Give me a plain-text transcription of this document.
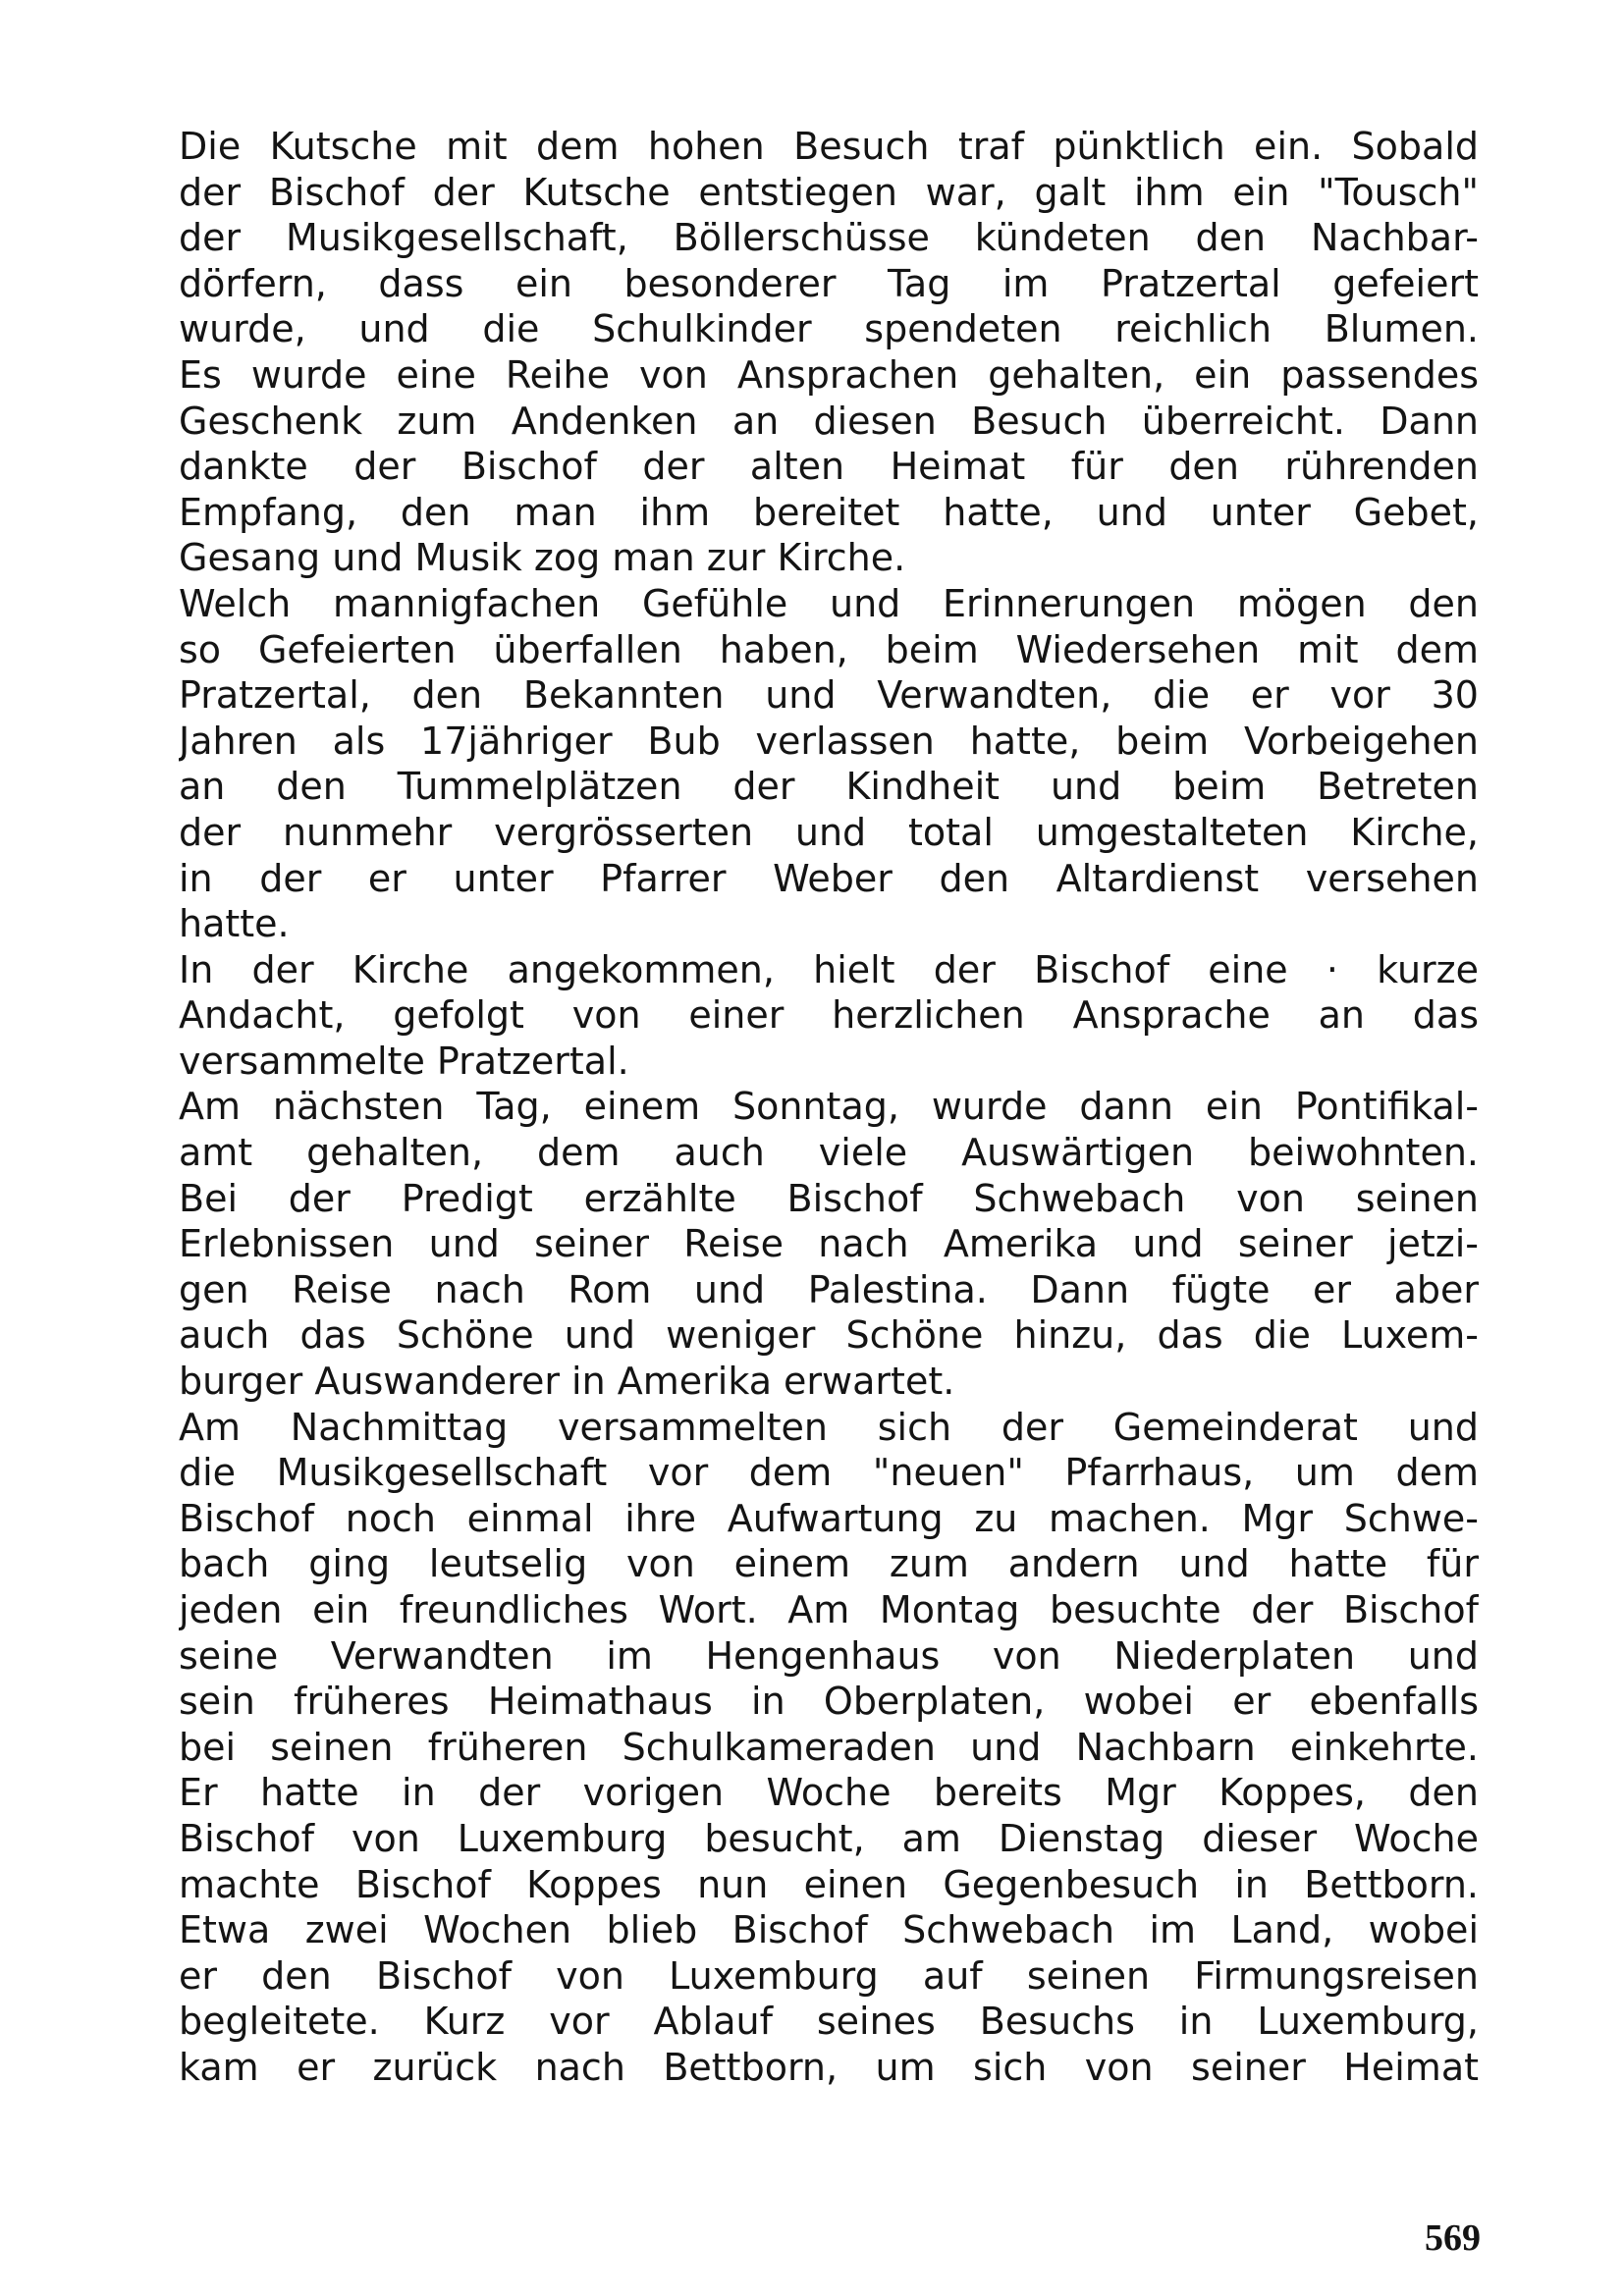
Die Kutsche mit dem hohen Besuch traf pünktlich ein. Sobald
der Bischof der Kutsche entstiegen war, galt ihm ein "Tousch"
der Musikgesellschaft, Böllerschüsse kündeten den Nachbar-
dörfern, dass ein besonderer Tag im Pratzertal gefeiert
wurde, und die Schulkinder spendeten reichlich Blumen.
Es wurde eine Reihe von Ansprachen gehalten, ein passendes
Geschenk zum Andenken an diesen Besuch überreicht. Dann
dankte der Bischof der alten Heimat für den rührenden
Empfang, den man ihm bereitet hatte, und unter Gebet,
Gesang und Musik zog man zur Kirche.
Welch mannigfachen Gefühle und Erinnerungen mögen den
so Gefeierten überfallen haben, beim Wiedersehen mit dem
Pratzertal, den Bekannten und Verwandten, die er vor 30
Jahren als 17jähriger Bub verlassen hatte, beim Vorbeigehen
an den Tummelplätzen der Kindheit und beim Betreten
der nunmehr vergrösserten und total umgestalteten Kirche,
in der er unter Pfarrer Weber den Altardienst versehen
hatte.
In der Kirche angekommen, hielt der Bischof eine · kurze
Andacht, gefolgt von einer herzlichen Ansprache an das
versammelte Pratzertal.
Am nächsten Tag, einem Sonntag, wurde dann ein Pontifikal-
amt gehalten, dem auch viele Auswärtigen beiwohnten.
Bei der Predigt erzählte Bischof Schwebach von seinen
Erlebnissen und seiner Reise nach Amerika und seiner jetzi-
gen Reise nach Rom und Palestina. Dann fügte er aber
auch das Schöne und weniger Schöne hinzu, das die Luxem-
burger Auswanderer in Amerika erwartet.
Am Nachmittag versammelten sich der Gemeinderat und
die Musikgesellschaft vor dem "neuen" Pfarrhaus, um dem
Bischof noch einmal ihre Aufwartung zu machen. Mgr Schwe-
bach ging leutselig von einem zum andern und hatte für
jeden ein freundliches Wort. Am Montag besuchte der Bischof
seine Verwandten im Hengenhaus von Niederplaten und
sein früheres Heimathaus in Oberplaten, wobei er ebenfalls
bei seinen früheren Schulkameraden und Nachbarn einkehrte.
Er hatte in der vorigen Woche bereits Mgr Koppes, den
Bischof von Luxemburg besucht, am Dienstag dieser Woche
machte Bischof Koppes nun einen Gegenbesuch in Bettborn.
Etwa zwei Wochen blieb Bischof Schwebach im Land, wobei
er den Bischof von Luxemburg auf seinen Firmungsreisen
begleitete. Kurz vor Ablauf seines Besuchs in Luxemburg,
kam er zurück nach Bettborn, um sich von seiner Heimat
569
